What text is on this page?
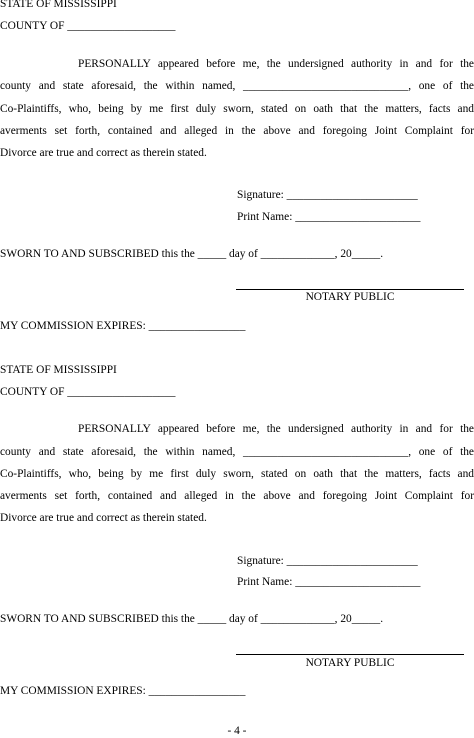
STATE OF MISSISSIPPI
COUNTY OF ___________________
PERSONALLY appeared before me, the undersigned authority in and for the
county and state aforesaid, the within named, _____________________________, one of the
Co-Plaintiffs, who, being by me first duly sworn, stated on oath that the matters, facts and
averments set forth, contained and alleged in the above and foregoing Joint Complaint for
Divorce are true and correct as therein stated.
Signature: _______________________
Print Name: ______________________
SWORN TO AND SUBSCRIBED this the _____ day of _____________, 20_____.
NOTARY PUBLIC
MY COMMISSION EXPIRES: _________________
STATE OF MISSISSIPPI
COUNTY OF ___________________
PERSONALLY appeared before me, the undersigned authority in and for the
county and state aforesaid, the within named, _____________________________, one of the
Co-Plaintiffs, who, being by me first duly sworn, stated on oath that the matters, facts and
averments set forth, contained and alleged in the above and foregoing Joint Complaint for
Divorce are true and correct as therein stated.
Signature: _______________________
Print Name: ______________________
SWORN TO AND SUBSCRIBED this the _____ day of _____________, 20_____.
NOTARY PUBLIC
MY COMMISSION EXPIRES: _________________
- 4 -
